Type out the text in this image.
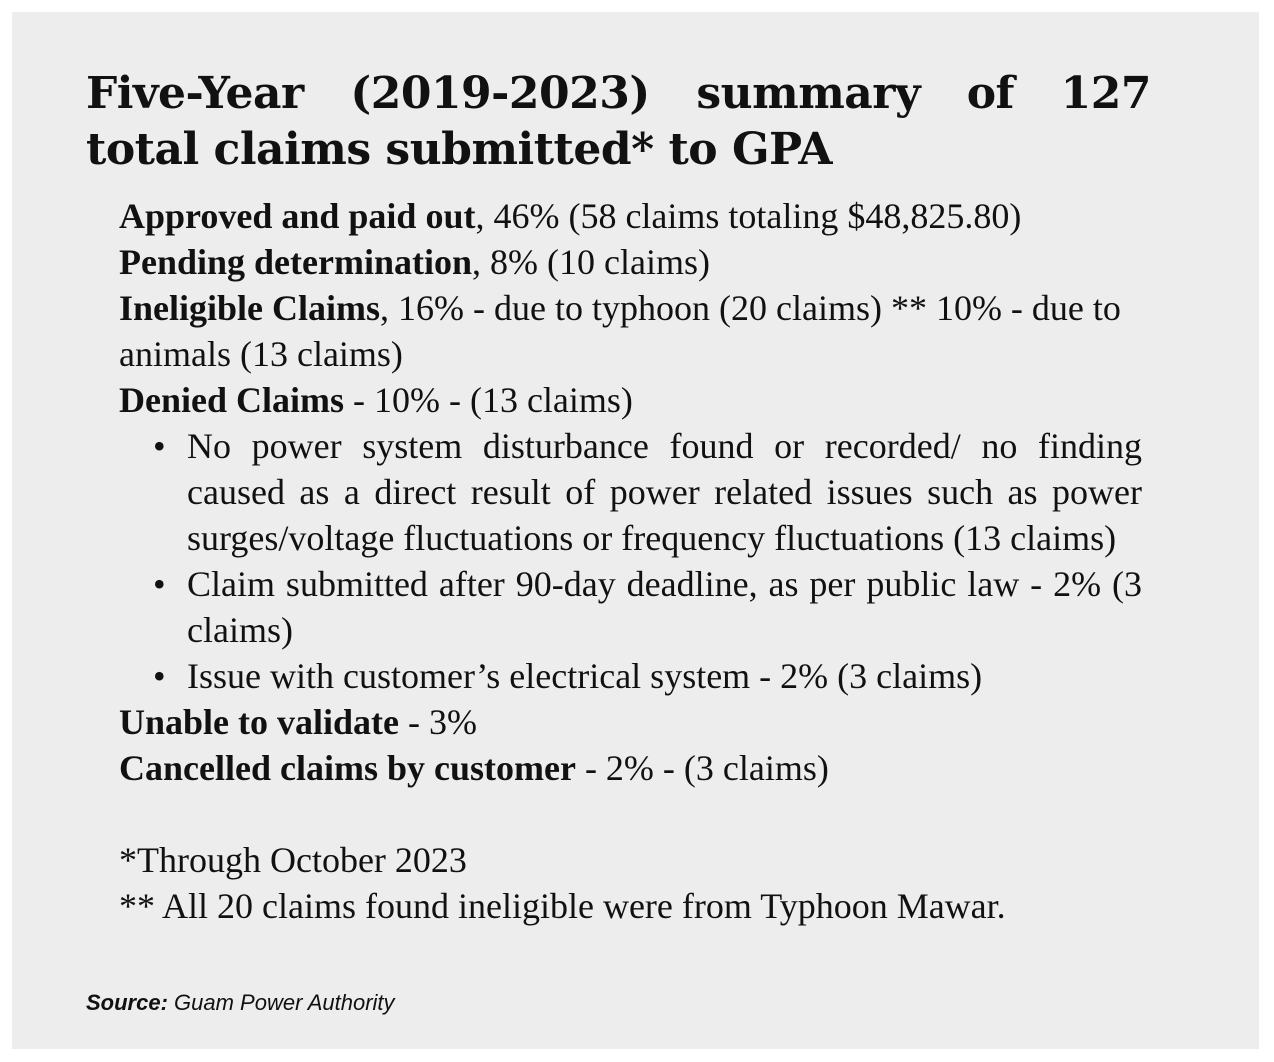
Five-Year (2019-2023) summary of 127 total claims submitted* to GPA

Approved and paid out, 46% (58 claims totaling $48,825.80)

Pending determination, 8% (10 claims)

Ineligible Claims, 16% - due to typhoon (20 claims) ** 10% - due to animals (13 claims)

Denied Claims - 10% - (13 claims)

• No power system disturbance found or recorded/ no finding caused as a direct result of power related issues such as power surges/voltage fluctuations or frequency fluctuations (13 claims)
• Claim submitted after 90-day deadline, as per public law - 2% (3 claims)
• Issue with customer’s electrical system - 2% (3 claims)

Unable to validate - 3%

Cancelled claims by customer - 2% - (3 claims)

*Through October 2023

** All 20 claims found ineligible were from Typhoon Mawar.

Source: Guam Power Authority
